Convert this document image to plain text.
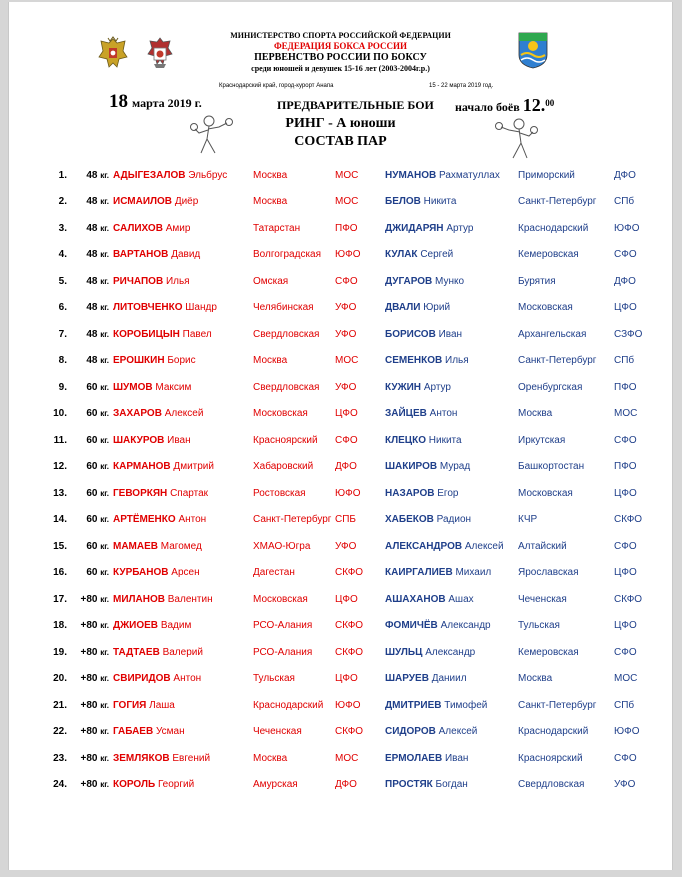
МИНИСТЕРСТВО СПОРТА РОССИЙСКОЙ ФЕДЕРАЦИИ
ФЕДЕРАЦИЯ БОКСА РОССИИ
ПЕРВЕНСТВО РОССИИ ПО БОКСУ
среди юношей и девушек 15-16 лет (2003-2004г.р.)
Краснодарский край, город-курорт Анапа	15 - 22 марта 2019 год.
18 марта 2019 г.	ПРЕДВАРИТЕЛЬНЫЕ БОИ начало боёв 12.00
РИНГ - А юноши
СОСТАВ ПАР
1.	48 кг.	АДЫГЕЗАЛОВ Эльбрус	Москва	МОС	НУМАНОВ Рахматуллах	Приморский	ДФО
2.	48 кг.	ИСМАИЛОВ Диёр	Москва	МОС	БЕЛОВ Никита	Санкт-Петербург	СПб
3.	48 кг.	САЛИХОВ Амир	Татарстан	ПФО	ДЖИДАРЯН Артур	Краснодарский	ЮФО
4.	48 кг.	ВАРТАНОВ Давид	Волгоградская	ЮФО	КУЛАК Сергей	Кемеровская	СФО
5.	48 кг.	РИЧАПОВ Илья	Омская	СФО	ДУГАРОВ Мунко	Бурятия	ДФО
6.	48 кг.	ЛИТОВЧЕНКО Шандр	Челябинская	УФО	ДВАЛИ Юрий	Московская	ЦФО
7.	48 кг.	КОРОБИЦЫН Павел	Свердловская	УФО	БОРИСОВ Иван	Архангельская	СЗФО
8.	48 кг.	ЕРОШКИН Борис	Москва	МОС	СЕМЕНКОВ Илья	Санкт-Петербург	СПб
9.	60 кг.	ШУМОВ Максим	Свердловская	УФО	КУЖИН Артур	Оренбургская	ПФО
10.	60 кг.	ЗАХАРОВ Алексей	Московская	ЦФО	ЗАЙЦЕВ Антон	Москва	МОС
11.	60 кг.	ШАКУРОВ Иван	Красноярский	СФО	КЛЕЦКО Никита	Иркутская	СФО
12.	60 кг.	КАРМАНОВ Дмитрий	Хабаровский	ДФО	ШАКИРОВ Мурад	Башкортостан	ПФО
13.	60 кг.	ГЕВОРКЯН Спартак	Ростовская	ЮФО	НАЗАРОВ Егор	Московская	ЦФО
14.	60 кг.	АРТЁМЕНКО Антон	Санкт-Петербург	СПБ	ХАБЕКОВ Радион	КЧР	СКФО
15.	60 кг.	МАМАЕВ Магомед	ХМАО-Югра	УФО	АЛЕКСАНДРОВ Алексей	Алтайский	СФО
16.	60 кг.	КУРБАНОВ Арсен	Дагестан	СКФО	КАИРГАЛИЕВ Михаил	Ярославская	ЦФО
17.	+80 кг.	МИЛАНОВ Валентин	Московская	ЦФО	АШАХАНОВ Ашах	Чеченская	СКФО
18.	+80 кг.	ДЖИОЕВ Вадим	РСО-Алания	СКФО	ФОМИЧЁВ Александр	Тульская	ЦФО
19.	+80 кг.	ТАДТАЕВ Валерий	РСО-Алания	СКФО	ШУЛЬЦ Александр	Кемеровская	СФО
20.	+80 кг.	СВИРИДОВ Антон	Тульская	ЦФО	ШАРУЕВ Даниил	Москва	МОС
21.	+80 кг.	ГОГИЯ Лаша	Краснодарский	ЮФО	ДМИТРИЕВ Тимофей	Санкт-Петербург	СПб
22.	+80 кг.	ГАБАЕВ Усман	Чеченская	СКФО	СИДОРОВ Алексей	Краснодарский	ЮФО
23.	+80 кг.	ЗЕМЛЯКОВ Евгений	Москва	МОС	ЕРМОЛАЕВ Иван	Красноярский	СФО
24.	+80 кг.	КОРОЛЬ Георгий	Амурская	ДФО	ПРОСТЯК Богдан	Свердловская	УФО
